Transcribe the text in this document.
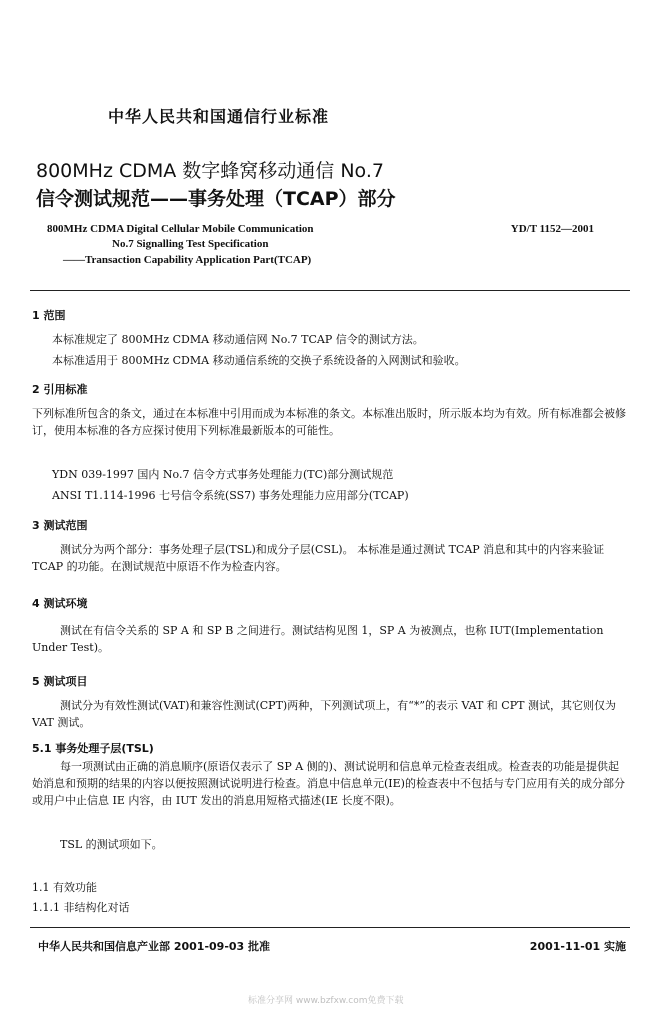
中华人民共和国通信行业标准
800MHz CDMA 数字蜂窝移动通信 No.7
信令测试规范——事务处理（TCAP）部分
800MHz CDMA Digital Cellular Mobile Communication
No.7 Signalling Test Specification
——Transaction Capability Application Part(TCAP)
YD/T 1152—2001
1 范围
本标准规定了 800MHz CDMA 移动通信网 No.7 TCAP 信令的测试方法。
本标准适用于 800MHz CDMA 移动通信系统的交换子系统设备的入网测试和验收。
2 引用标准
下列标准所包含的条文，通过在本标准中引用而成为本标准的条文。本标准出版时，所示版本均为有效。所有标准都会被修订，使用本标准的各方应探讨使用下列标准最新版本的可能性。
YDN 039-1997 国内 No.7 信令方式事务处理能力(TC)部分测试规范
ANSI T1.114-1996 七号信令系统(SS7) 事务处理能力应用部分(TCAP)
3 测试范围
测试分为两个部分：事务处理子层(TSL)和成分子层(CSL)。 本标准是通过测试 TCAP 消息和其中的内容来验证 TCAP 的功能。在测试规范中原语不作为检查内容。
4 测试环境
测试在有信令关系的 SP A 和 SP B 之间进行。测试结构见图 1，SP A 为被测点，也称 IUT(Implementation Under Test)。
5 测试项目
测试分为有效性测试(VAT)和兼容性测试(CPT)两种，下列测试项上，有“*”的表示 VAT 和 CPT 测试，其它则仅为 VAT 测试。
5.1 事务处理子层(TSL)
每一项测试由正确的消息顺序(原语仅表示了 SP A 侧的)、测试说明和信息单元检查表组成。检查表的功能是提供起始消息和预期的结果的内容以便按照测试说明进行检查。消息中信息单元(IE)的检查表中不包括与专门应用有关的成分部分或用户中止信息 IE 内容，由 IUT 发出的消息用短格式描述(IE 长度不限)。
TSL 的测试项如下。
1.1 有效功能
1.1.1 非结构化对话
中华人民共和国信息产业部 2001-09-03 批准	2001-11-01 实施
标准分享网 www.bzfxw.com免费下载
